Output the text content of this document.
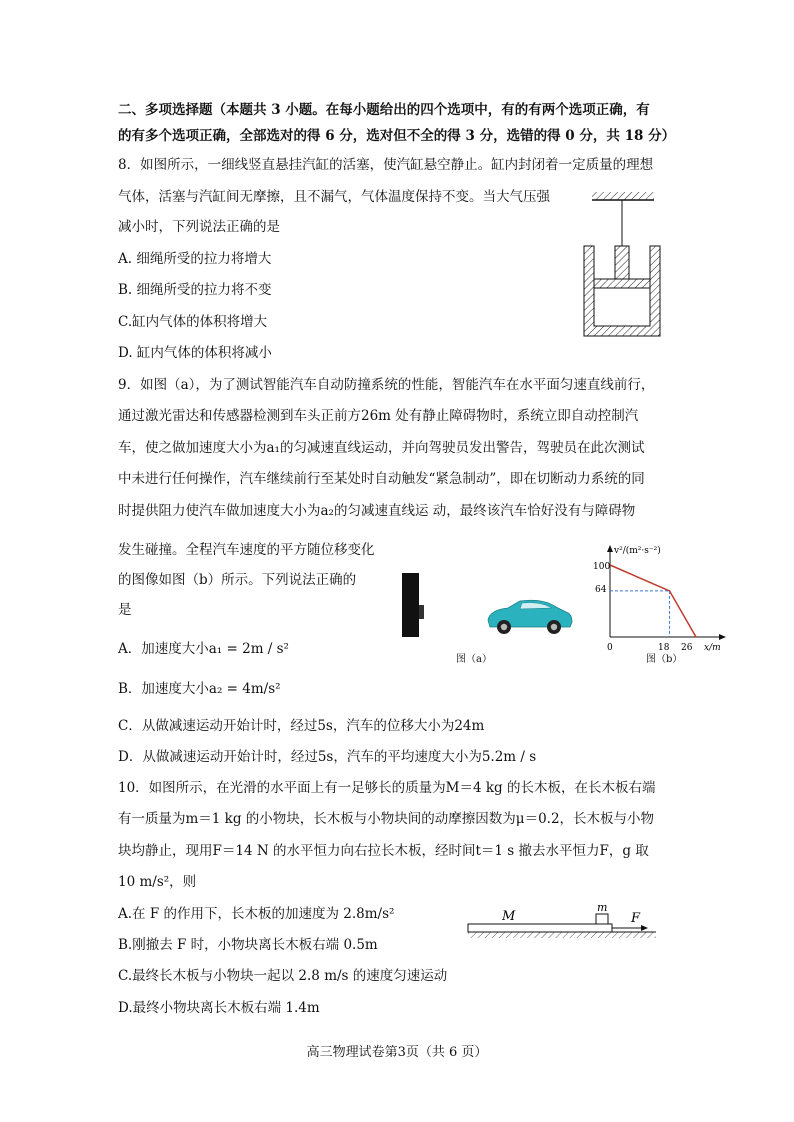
二、多项选择题（本题共 3 小题。在每小题给出的四个选项中，有的有两个选项正确，有
的有多个选项正确，全部选对的得 6 分，选对但不全的得 3 分，选错的得 0 分，共 18 分）
8．如图所示，一细线竖直悬挂汽缸的活塞，使汽缸悬空静止。缸内封闭着一定质量的理想
气体，活塞与汽缸间无摩擦，且不漏气，气体温度保持不变。当大气压强
减小时，下列说法正确的是
A. 细绳所受的拉力将增大
B. 细绳所受的拉力将不变
C.缸内气体的体积将增大
D. 缸内气体的体积将减小
9．如图（a），为了测试智能汽车自动防撞系统的性能，智能汽车在水平面匀速直线前行，
通过激光雷达和传感器检测到车头正前方26m 处有静止障碍物时，系统立即自动控制汽
车，使之做加速度大小为a₁的匀减速直线运动，并向驾驶员发出警告，驾驶员在此次测试
中未进行任何操作，汽车继续前行至某处时自动触发“紧急制动”，即在切断动力系统的同
时提供阻力使汽车做加速度大小为a₂的匀减速直线运 动，最终该汽车恰好没有与障碍物
发生碰撞。全程汽车速度的平方随位移变化
的图像如图（b）所示。下列说法正确的
是
A．加速度大小a₁ = 2m / s²
B．加速度大小a₂ = 4m/s²
C．从做减速运动开始计时，经过5s，汽车的位移大小为24m
D．从做减速运动开始计时，经过5s，汽车的平均速度大小为5.2m / s
图（a）
v²/(m²·s⁻²)
x/m
100
64
0	18 26
图（b）
10．如图所示，在光滑的水平面上有一足够长的质量为M＝4 kg 的长木板，在长木板右端
有一质量为m＝1 kg 的小物块，长木板与小物块间的动摩擦因数为μ＝0.2，长木板与小物
块均静止，现用F＝14 N 的水平恒力向右拉长木板，经时间t＝1 s 撤去水平恒力F，g 取
10 m/s²，则
A.在 F 的作用下，长木板的加速度为 2.8m/s²
B.刚撤去 F 时，小物块离长木板右端 0.5m
C.最终长木板与小物块一起以 2.8 m/s 的速度匀速运动
D.最终小物块离长木板右端 1.4m
M
m
F
高三物理试卷第3页（共 6 页）
